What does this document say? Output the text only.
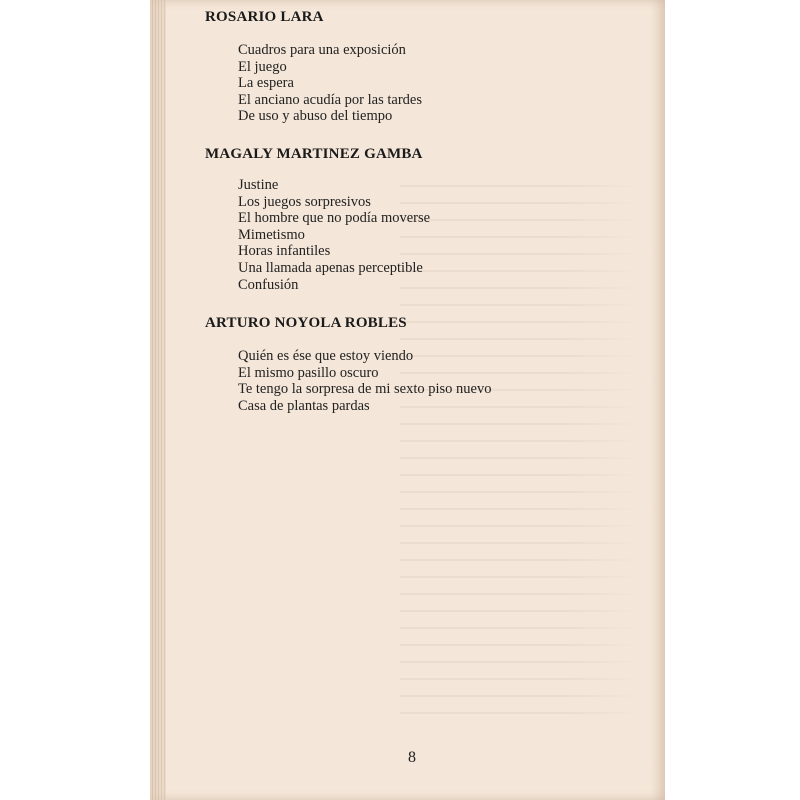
ROSARIO LARA
Cuadros para una exposición
El juego
La espera
El anciano acudía por las tardes
De uso y abuso del tiempo
MAGALY MARTINEZ GAMBA
Justine
Los juegos sorpresivos
El hombre que no podía moverse
Mimetismo
Horas infantiles
Una llamada apenas perceptible
Confusión
ARTURO NOYOLA ROBLES
Quién es ése que estoy viendo
El mismo pasillo oscuro
Te tengo la sorpresa de mi sexto piso nuevo
Casa de plantas pardas
8
